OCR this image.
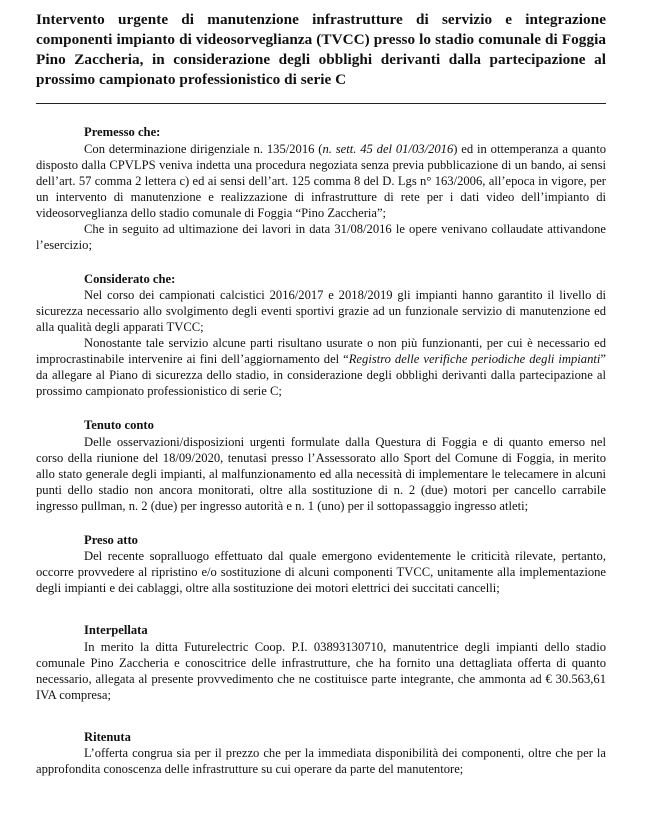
Intervento urgente di manutenzione infrastrutture di servizio e integrazione componenti impianto di videosorveglianza (TVCC) presso lo stadio comunale di Foggia Pino Zaccheria, in considerazione degli obblighi derivanti dalla partecipazione al prossimo campionato professionistico di serie C

Premesso che:

Con determinazione dirigenziale n. 135/2016 (n. sett. 45 del 01/03/2016) ed in ottemperanza a quanto disposto dalla CPVLPS veniva indetta una procedura negoziata senza previa pubblicazione di un bando, ai sensi dell’art. 57 comma 2 lettera c) ed ai sensi dell’art. 125 comma 8 del D. Lgs n° 163/2006, all’epoca in vigore, per un intervento di manutenzione e realizzazione di infrastrutture di rete per i dati video dell’impianto di videosorveglianza dello stadio comunale di Foggia “Pino Zaccheria”;

Che in seguito ad ultimazione dei lavori in data 31/08/2016 le opere venivano collaudate attivandone l’esercizio;

Considerato che:

Nel corso dei campionati calcistici 2016/2017 e 2018/2019 gli impianti hanno garantito il livello di sicurezza necessario allo svolgimento degli eventi sportivi grazie ad un funzionale servizio di manutenzione ed alla qualità degli apparati TVCC;

Nonostante tale servizio alcune parti risultano usurate o non più funzionanti, per cui è necessario ed improcrastinabile intervenire ai fini dell’aggiornamento del “Registro delle verifiche periodiche degli impianti” da allegare al Piano di sicurezza dello stadio, in considerazione degli obblighi derivanti dalla partecipazione al prossimo campionato professionistico di serie C;

Tenuto conto

Delle osservazioni/disposizioni urgenti formulate dalla Questura di Foggia e di quanto emerso nel corso della riunione del 18/09/2020, tenutasi presso l’Assessorato allo Sport del Comune di Foggia, in merito allo stato generale degli impianti, al malfunzionamento ed alla necessità di implementare le telecamere in alcuni punti dello stadio non ancora monitorati, oltre alla sostituzione di n. 2 (due) motori per cancello carrabile ingresso pullman, n. 2 (due) per ingresso autorità e n. 1 (uno) per il sottopassaggio ingresso atleti;

Preso atto

Del recente sopralluogo effettuato dal quale emergono evidentemente le criticità rilevate, pertanto, occorre provvedere al ripristino e/o sostituzione di alcuni componenti TVCC, unitamente alla implementazione degli impianti e dei cablaggi, oltre alla sostituzione dei motori elettrici dei succitati cancelli;

Interpellata

In merito la ditta Futurelectric Coop. P.I. 03893130710, manutentrice degli impianti dello stadio comunale Pino Zaccheria e conoscitrice delle infrastrutture, che ha fornito una dettagliata offerta di quanto necessario, allegata al presente provvedimento che ne costituisce parte integrante, che ammonta ad € 30.563,61 IVA compresa;

Ritenuta

L’offerta congrua sia per il prezzo che per la immediata disponibilità dei componenti, oltre che per la approfondita conoscenza delle infrastrutture su cui operare da parte del manutentore;
